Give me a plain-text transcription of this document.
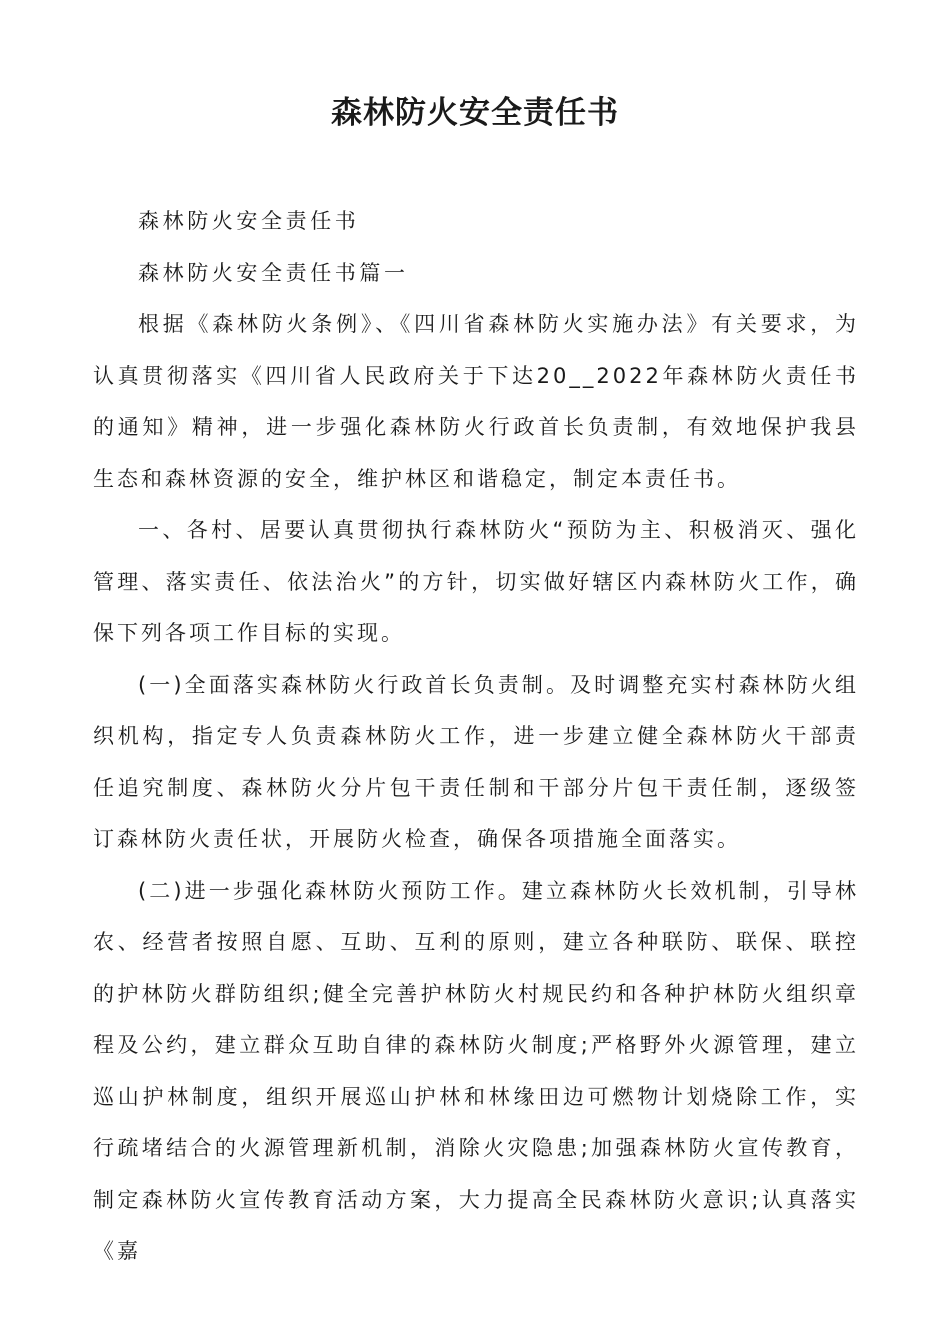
森林防火安全责任书

森林防火安全责任书

森林防火安全责任书篇一

根据《森林防火条例》、《四川省森林防火实施办法》有关要求，为认真贯彻落实《四川省人民政府关于下达20__2022年森林防火责任书的通知》精神，进一步强化森林防火行政首长负责制，有效地保护我县生态和森林资源的安全，维护林区和谐稳定，制定本责任书。

一、各村、居要认真贯彻执行森林防火“预防为主、积极消灭、强化管理、落实责任、依法治火”的方针，切实做好辖区内森林防火工作，确保下列各项工作目标的实现。

(一)全面落实森林防火行政首长负责制。及时调整充实村森林防火组织机构，指定专人负责森林防火工作，进一步建立健全森林防火干部责任追究制度、森林防火分片包干责任制和干部分片包干责任制，逐级签订森林防火责任状，开展防火检查，确保各项措施全面落实。

(二)进一步强化森林防火预防工作。建立森林防火长效机制，引导林农、经营者按照自愿、互助、互利的原则，建立各种联防、联保、联控的护林防火群防组织;健全完善护林防火村规民约和各种护林防火组织章程及公约，建立群众互助自律的森林防火制度;严格野外火源管理，建立巡山护林制度，组织开展巡山护林和林缘田边可燃物计划烧除工作，实行疏堵结合的火源管理新机制，消除火灾隐患;加强森林防火宣传教育，制定森林防火宣传教育活动方案，大力提高全民森林防火意识;认真落实《嘉
